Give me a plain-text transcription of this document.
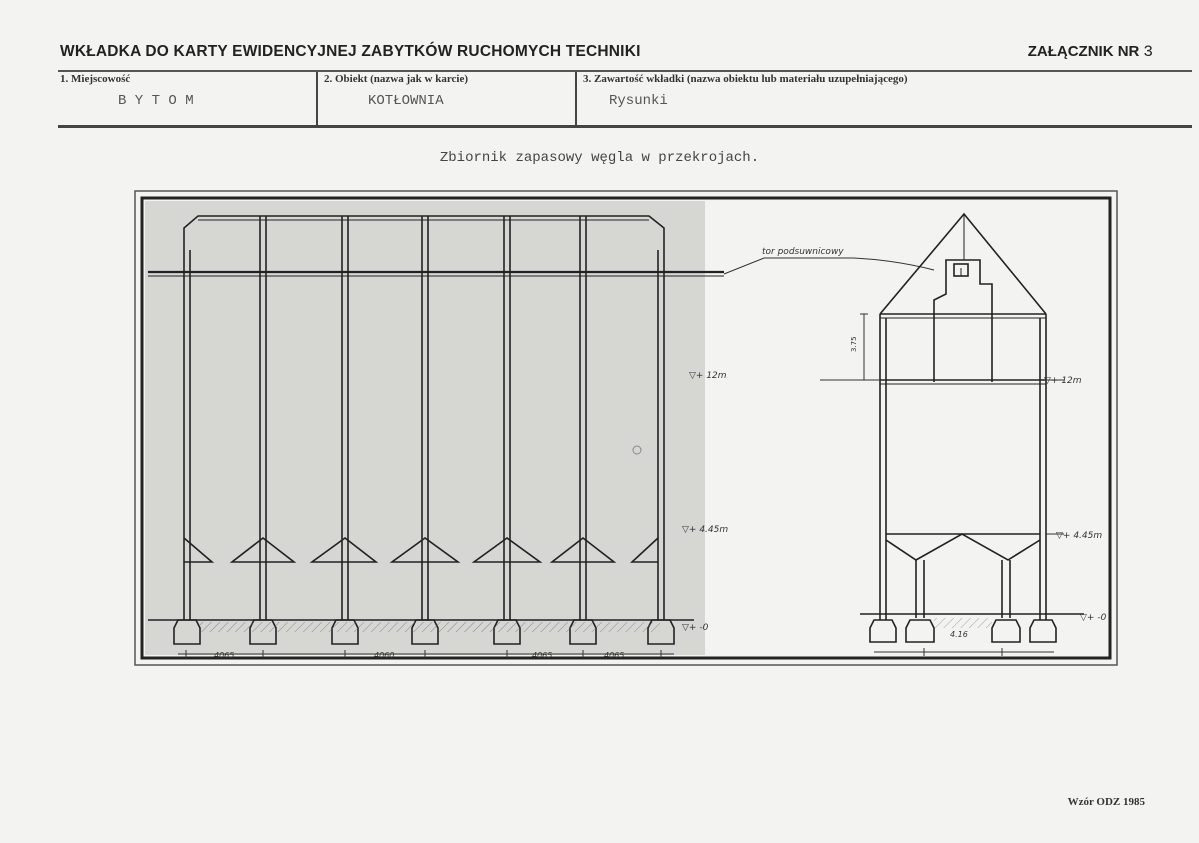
WKŁADKA DO KARTY EWIDENCYJNEJ ZABYTKÓW RUCHOMYCH TECHNIKI	ZAŁĄCZNIK NR 3
1. Miejscowość
B Y T O M
2. Obiekt (nazwa jak w karcie)
KOTŁOWNIA
3. Zawartość wkładki (nazwa obiektu lub materiału uzupełniającego)
Rysunki
Zbiornik zapasowy węgla w przekrojach.
4065	4060	4065	4065
▽+ 12m
▽+ 4.45m
▽+ -0
tor podsuwnicowy
3.75
4.16
▽+ 12m
▽+ 4.45m
▽+ -0
Wzór ODZ 1985
